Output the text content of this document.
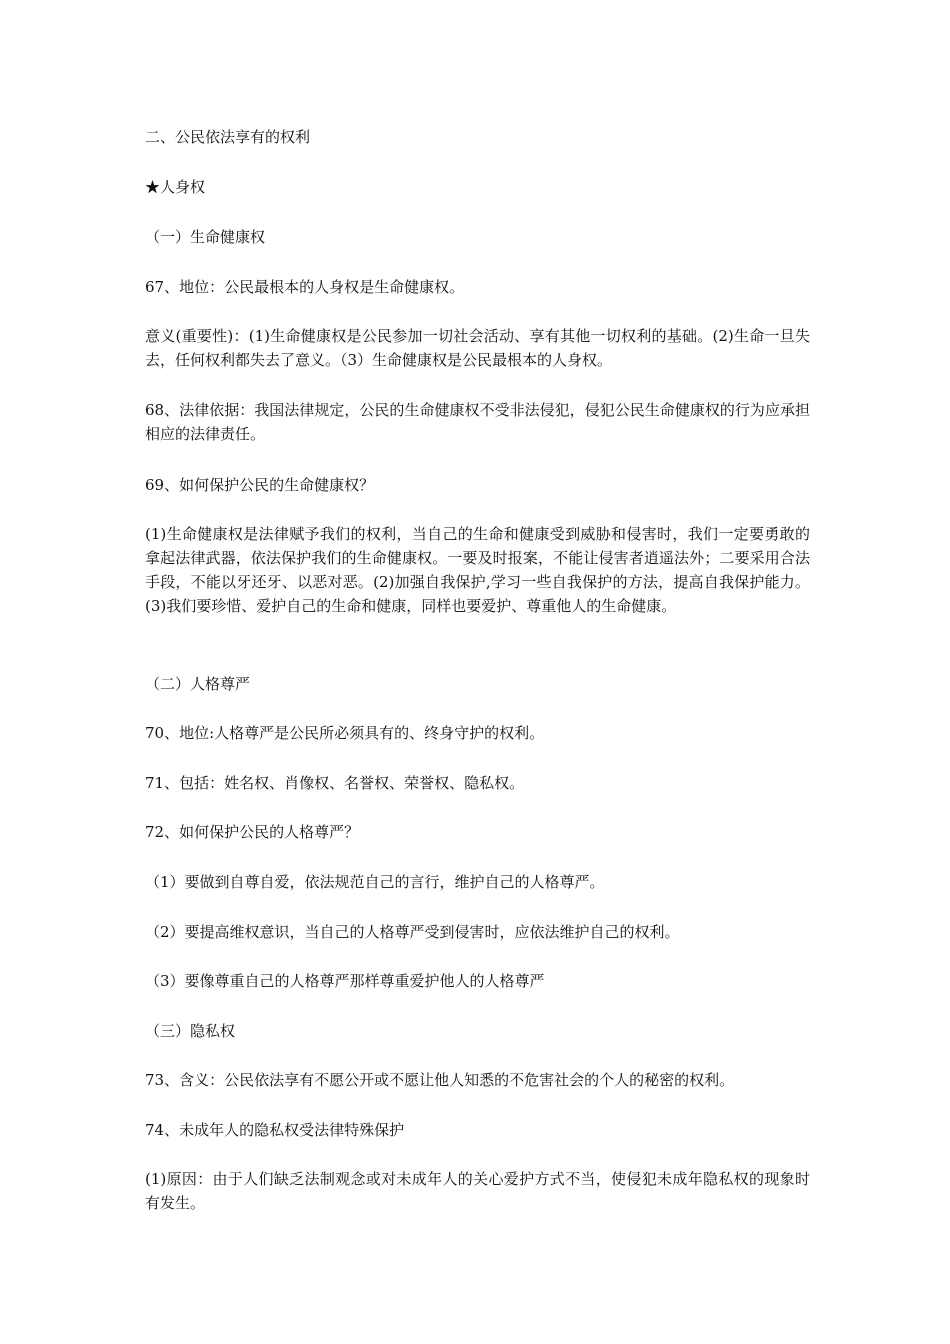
二、公民依法享有的权利
★人身权
（一）生命健康权
67、地位：公民最根本的人身权是生命健康权。
意义(重要性)：(1)生命健康权是公民参加一切社会活动、享有其他一切权利的基础。(2)生命一旦失去，任何权利都失去了意义。（3）生命健康权是公民最根本的人身权。
68、法律依据：我国法律规定，公民的生命健康权不受非法侵犯，侵犯公民生命健康权的行为应承担相应的法律责任。
69、如何保护公民的生命健康权？
(1)生命健康权是法律赋予我们的权利，当自己的生命和健康受到威胁和侵害时，我们一定要勇敢的拿起法律武器，依法保护我们的生命健康权。一要及时报案，不能让侵害者逍遥法外；二要采用合法手段，不能以牙还牙、以恶对恶。(2)加强自我保护,学习一些自我保护的方法，提高自我保护能力。(3)我们要珍惜、爱护自己的生命和健康，同样也要爱护、尊重他人的生命健康。
（二）人格尊严
70、地位:人格尊严是公民所必须具有的、终身守护的权利。
71、包括：姓名权、肖像权、名誉权、荣誉权、隐私权。
72、如何保护公民的人格尊严？
（1）要做到自尊自爱，依法规范自己的言行，维护自己的人格尊严。
（2）要提高维权意识，当自己的人格尊严受到侵害时，应依法维护自己的权利。
（3）要像尊重自己的人格尊严那样尊重爱护他人的人格尊严
（三）隐私权
73、含义：公民依法享有不愿公开或不愿让他人知悉的不危害社会的个人的秘密的权利。
74、未成年人的隐私权受法律特殊保护
(1)原因：由于人们缺乏法制观念或对未成年人的关心爱护方式不当，使侵犯未成年隐私权的现象时有发生。
